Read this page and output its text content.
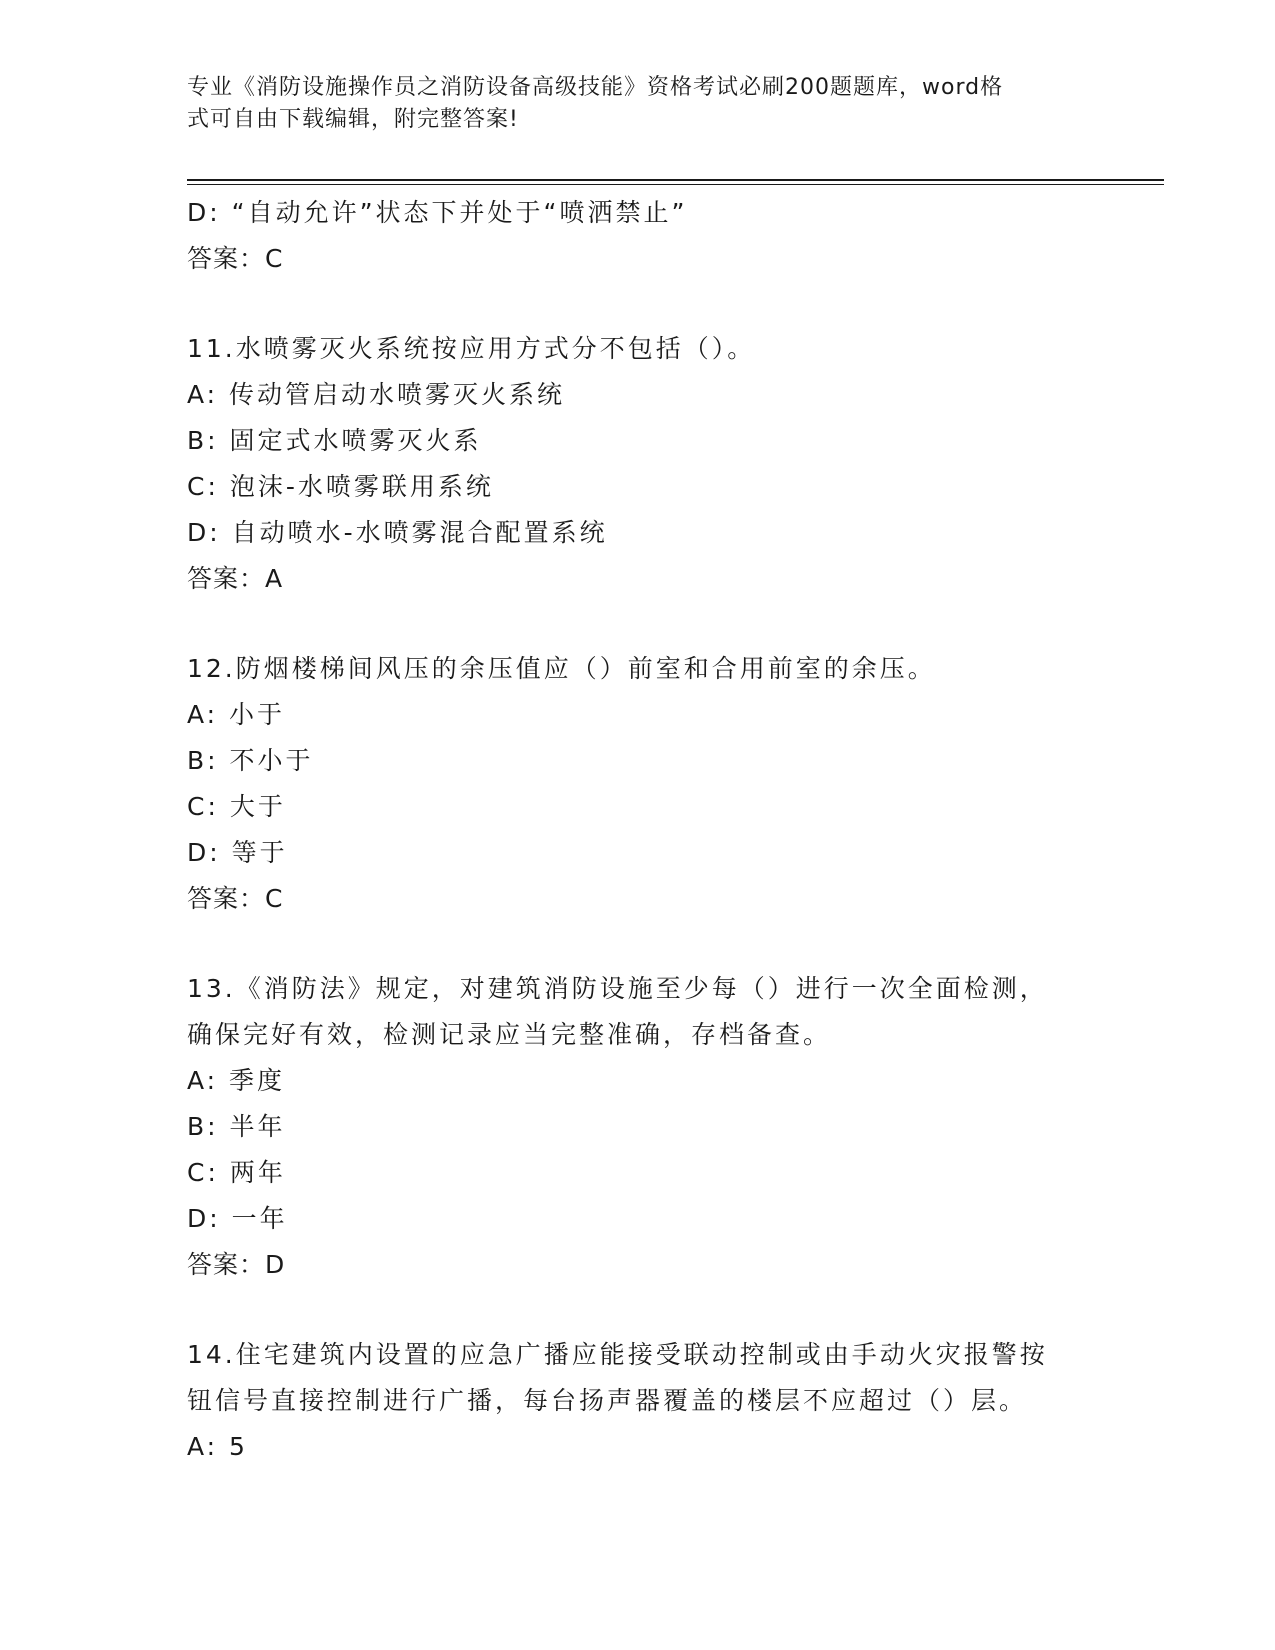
专业《消防设施操作员之消防设备高级技能》资格考试必刷200题题库，word格
式可自由下载编辑，附完整答案!
D: “自动允许”状态下并处于“喷洒禁止”
答案：C
11.水喷雾灭火系统按应用方式分不包括（）。
A: 传动管启动水喷雾灭火系统
B: 固定式水喷雾灭火系
C: 泡沫-水喷雾联用系统
D: 自动喷水-水喷雾混合配置系统
答案：A
12.防烟楼梯间风压的余压值应（）前室和合用前室的余压。
A: 小于
B: 不小于
C: 大于
D: 等于
答案：C
13.《消防法》规定，对建筑消防设施至少每（）进行一次全面检测，
确保完好有效，检测记录应当完整准确，存档备查。
A: 季度
B: 半年
C: 两年
D: 一年
答案：D
14.住宅建筑内设置的应急广播应能接受联动控制或由手动火灾报警按
钮信号直接控制进行广播，每台扬声器覆盖的楼层不应超过（）层。
A: 5
